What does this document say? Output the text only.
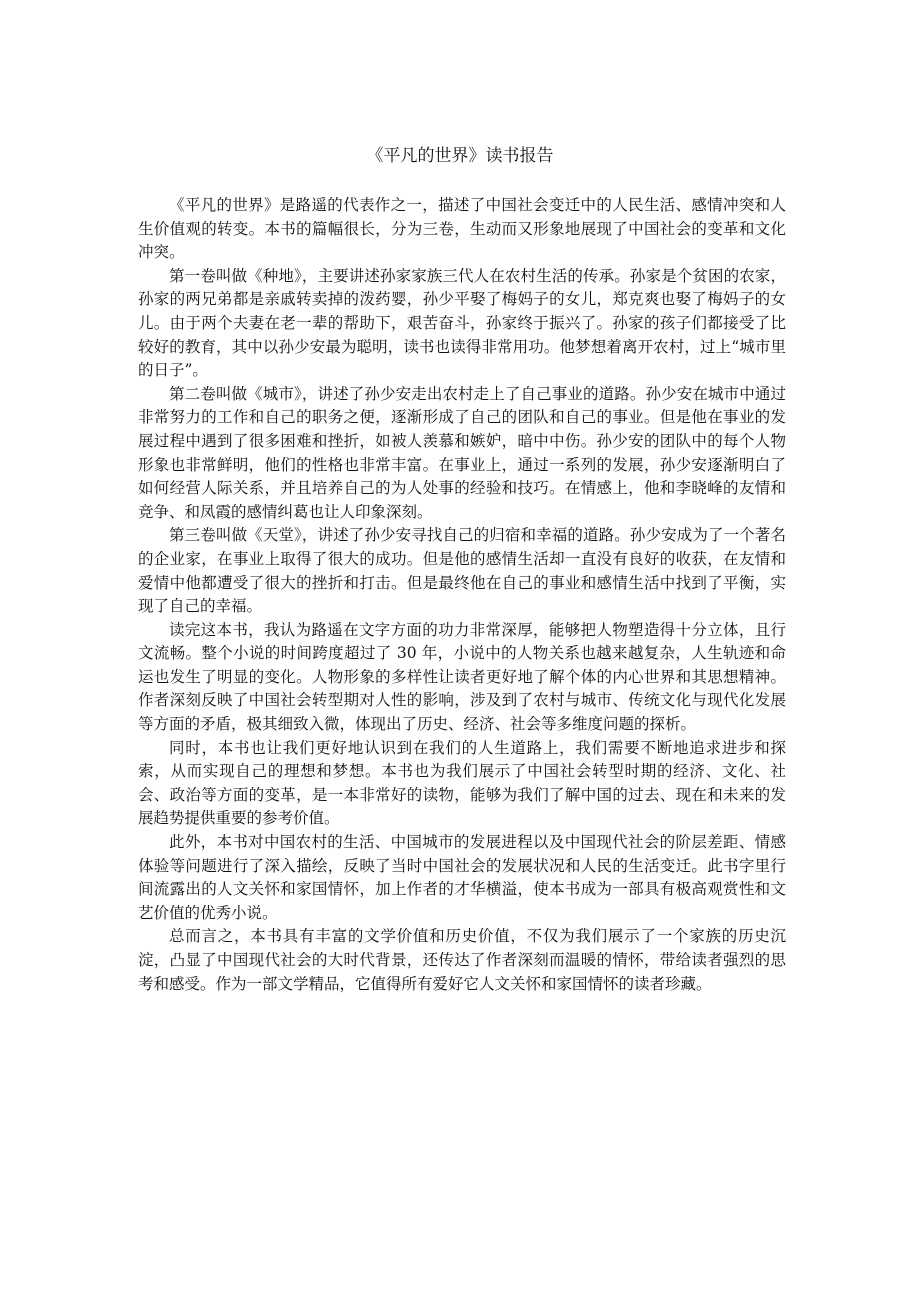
《平凡的世界》读书报告

《平凡的世界》是路遥的代表作之一，描述了中国社会变迁中的人民生活、感情冲突和人生价值观的转变。本书的篇幅很长，分为三卷，生动而又形象地展现了中国社会的变革和文化冲突。

第一卷叫做《种地》，主要讲述孙家家族三代人在农村生活的传承。孙家是个贫困的农家，孙家的两兄弟都是亲戚转卖掉的泼药婴，孙少平娶了梅妈子的女儿，郑克爽也娶了梅妈子的女儿。由于两个夫妻在老一辈的帮助下，艰苦奋斗，孙家终于振兴了。孙家的孩子们都接受了比较好的教育，其中以孙少安最为聪明，读书也读得非常用功。他梦想着离开农村，过上“城市里的日子”。

第二卷叫做《城市》，讲述了孙少安走出农村走上了自己事业的道路。孙少安在城市中通过非常努力的工作和自己的职务之便，逐渐形成了自己的团队和自己的事业。但是他在事业的发展过程中遇到了很多困难和挫折，如被人羡慕和嫉妒，暗中中伤。孙少安的团队中的每个人物形象也非常鲜明，他们的性格也非常丰富。在事业上，通过一系列的发展，孙少安逐渐明白了如何经营人际关系，并且培养自己的为人处事的经验和技巧。在情感上，他和李晓峰的友情和竞争、和凤霞的感情纠葛也让人印象深刻。

第三卷叫做《天堂》，讲述了孙少安寻找自己的归宿和幸福的道路。孙少安成为了一个著名的企业家，在事业上取得了很大的成功。但是他的感情生活却一直没有良好的收获，在友情和爱情中他都遭受了很大的挫折和打击。但是最终他在自己的事业和感情生活中找到了平衡，实现了自己的幸福。

读完这本书，我认为路遥在文字方面的功力非常深厚，能够把人物塑造得十分立体，且行文流畅。整个小说的时间跨度超过了 30 年，小说中的人物关系也越来越复杂，人生轨迹和命运也发生了明显的变化。人物形象的多样性让读者更好地了解个体的内心世界和其思想精神。作者深刻反映了中国社会转型期对人性的影响，涉及到了农村与城市、传统文化与现代化发展等方面的矛盾，极其细致入微，体现出了历史、经济、社会等多维度问题的探析。

同时，本书也让我们更好地认识到在我们的人生道路上，我们需要不断地追求进步和探索，从而实现自己的理想和梦想。本书也为我们展示了中国社会转型时期的经济、文化、社会、政治等方面的变革，是一本非常好的读物，能够为我们了解中国的过去、现在和未来的发展趋势提供重要的参考价值。

此外，本书对中国农村的生活、中国城市的发展进程以及中国现代社会的阶层差距、情感体验等问题进行了深入描绘，反映了当时中国社会的发展状况和人民的生活变迁。此书字里行间流露出的人文关怀和家国情怀，加上作者的才华横溢，使本书成为一部具有极高观赏性和文艺价值的优秀小说。

总而言之，本书具有丰富的文学价值和历史价值，不仅为我们展示了一个家族的历史沉淀，凸显了中国现代社会的大时代背景，还传达了作者深刻而温暖的情怀，带给读者强烈的思考和感受。作为一部文学精品，它值得所有爱好它人文关怀和家国情怀的读者珍藏。
